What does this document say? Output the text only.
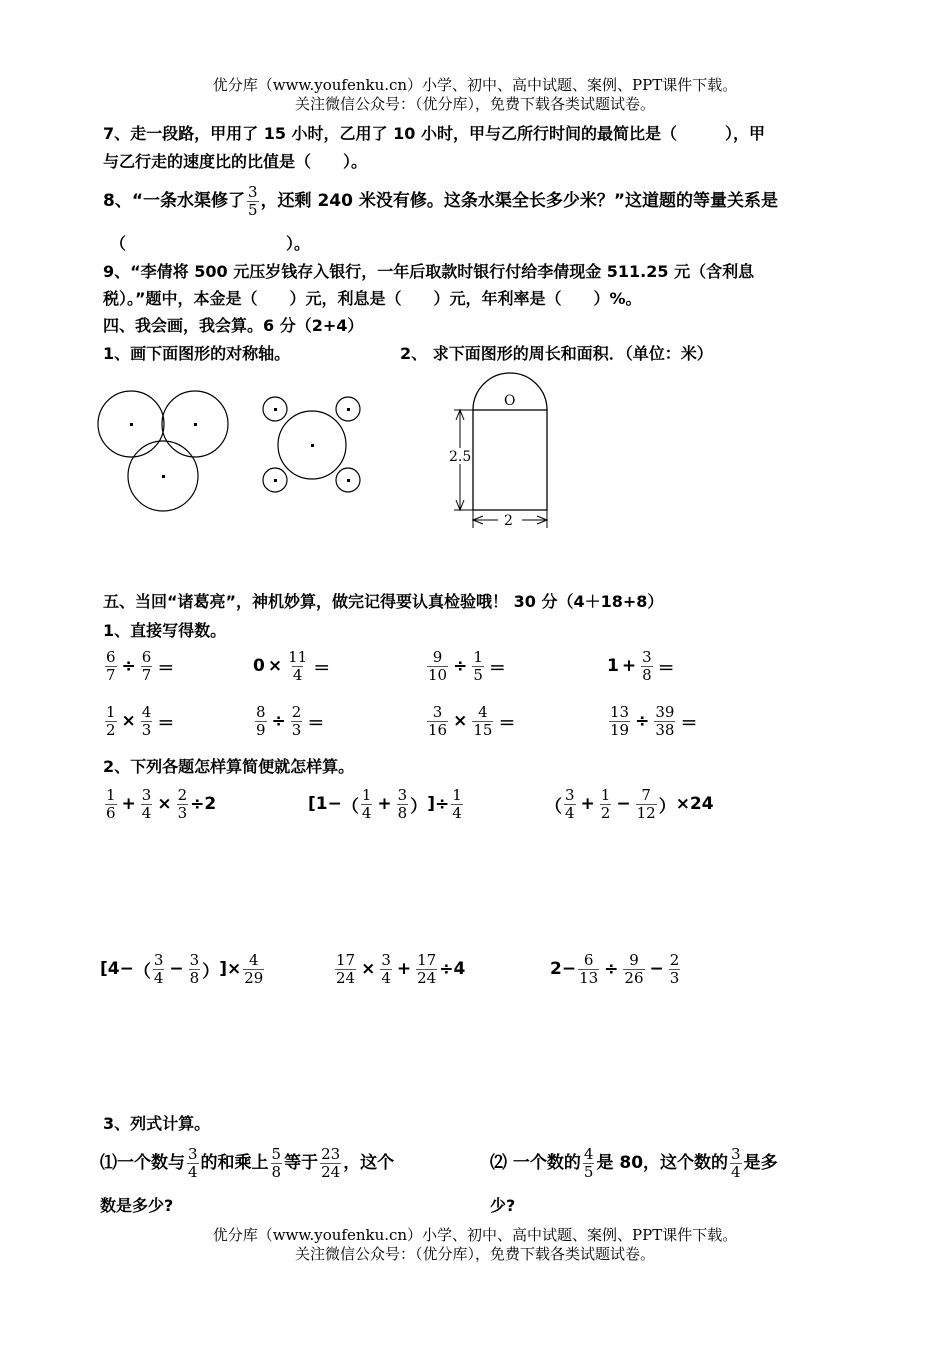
优分库（www.youfenku.cn）小学、初中、高中试题、案例、PPT课件下载。
关注微信公众号：（优分库），免费下载各类试题试卷。
7、走一段路，甲用了 15 小时，乙用了 10 小时，甲与乙所行时间的最简比是（　　　），甲
与乙行走的速度比的比值是（　　）。
8、“一条水渠修了 $\frac{3}{5}$ ，还剩 240 米没有修。这条水渠全长多少米？”这道题的等量关系是
（　　　　　　　　　　）。
9、“李倩将 500 元压岁钱存入银行，一年后取款时银行付给李倩现金 511.25 元（含利息
税）。”题中，本金是（　　）元，利息是（　　）元，年利率是（　　）%。
四、我会画，我会算。6 分（2+4）
1、画下面图形的对称轴。	2、 求下面图形的周长和面积．（单位：米）
2
2.5
O
五、当回“诸葛亮”，神机妙算，做完记得要认真检验哦！ 30 分（4＋18+8）
1、直接写得数。
$\frac{6}{7} \div \frac{6}{7}$ ＝	$0 \times \frac{11}{4}$ ＝	$\frac{9}{10} \div \frac{1}{5}$ ＝	$1 + \frac{3}{8}$ ＝
$\frac{1}{2} \times \frac{4}{3}$ ＝	$\frac{8}{9} \div \frac{2}{3}$ ＝	$\frac{3}{16} \times \frac{4}{15}$ ＝	$\frac{13}{19} \div \frac{39}{38}$ ＝
2、下列各题怎样算简便就怎样算。
$\frac{1}{6} + \frac{3}{4} \times \frac{2}{3} \div 2$	[1− （ $\frac{1}{4} + \frac{3}{8}$ ） ]÷ $\frac{1}{4}$	（ $\frac{3}{4} + \frac{1}{2} - \frac{7}{12}$ ） ×24
[4− （ $\frac{3}{4} - \frac{3}{8}$ ） ]× $\frac{4}{29}$	$\frac{17}{24} \times \frac{3}{4} + \frac{17}{24} \div 4$	$2- \frac{6}{13} \div \frac{9}{26} - \frac{2}{3}$
3、列式计算。
⑴一个数与 $\frac{3}{4}$ 的和乘上 $\frac{5}{8}$ 等于 $\frac{23}{24}$ ，这个
数是多少?
⑵ 一个数的 $\frac{4}{5}$ 是 80，这个数的 $\frac{3}{4}$ 是多
少?
优分库（www.youfenku.cn）小学、初中、高中试题、案例、PPT课件下载。
关注微信公众号：（优分库），免费下载各类试题试卷。
